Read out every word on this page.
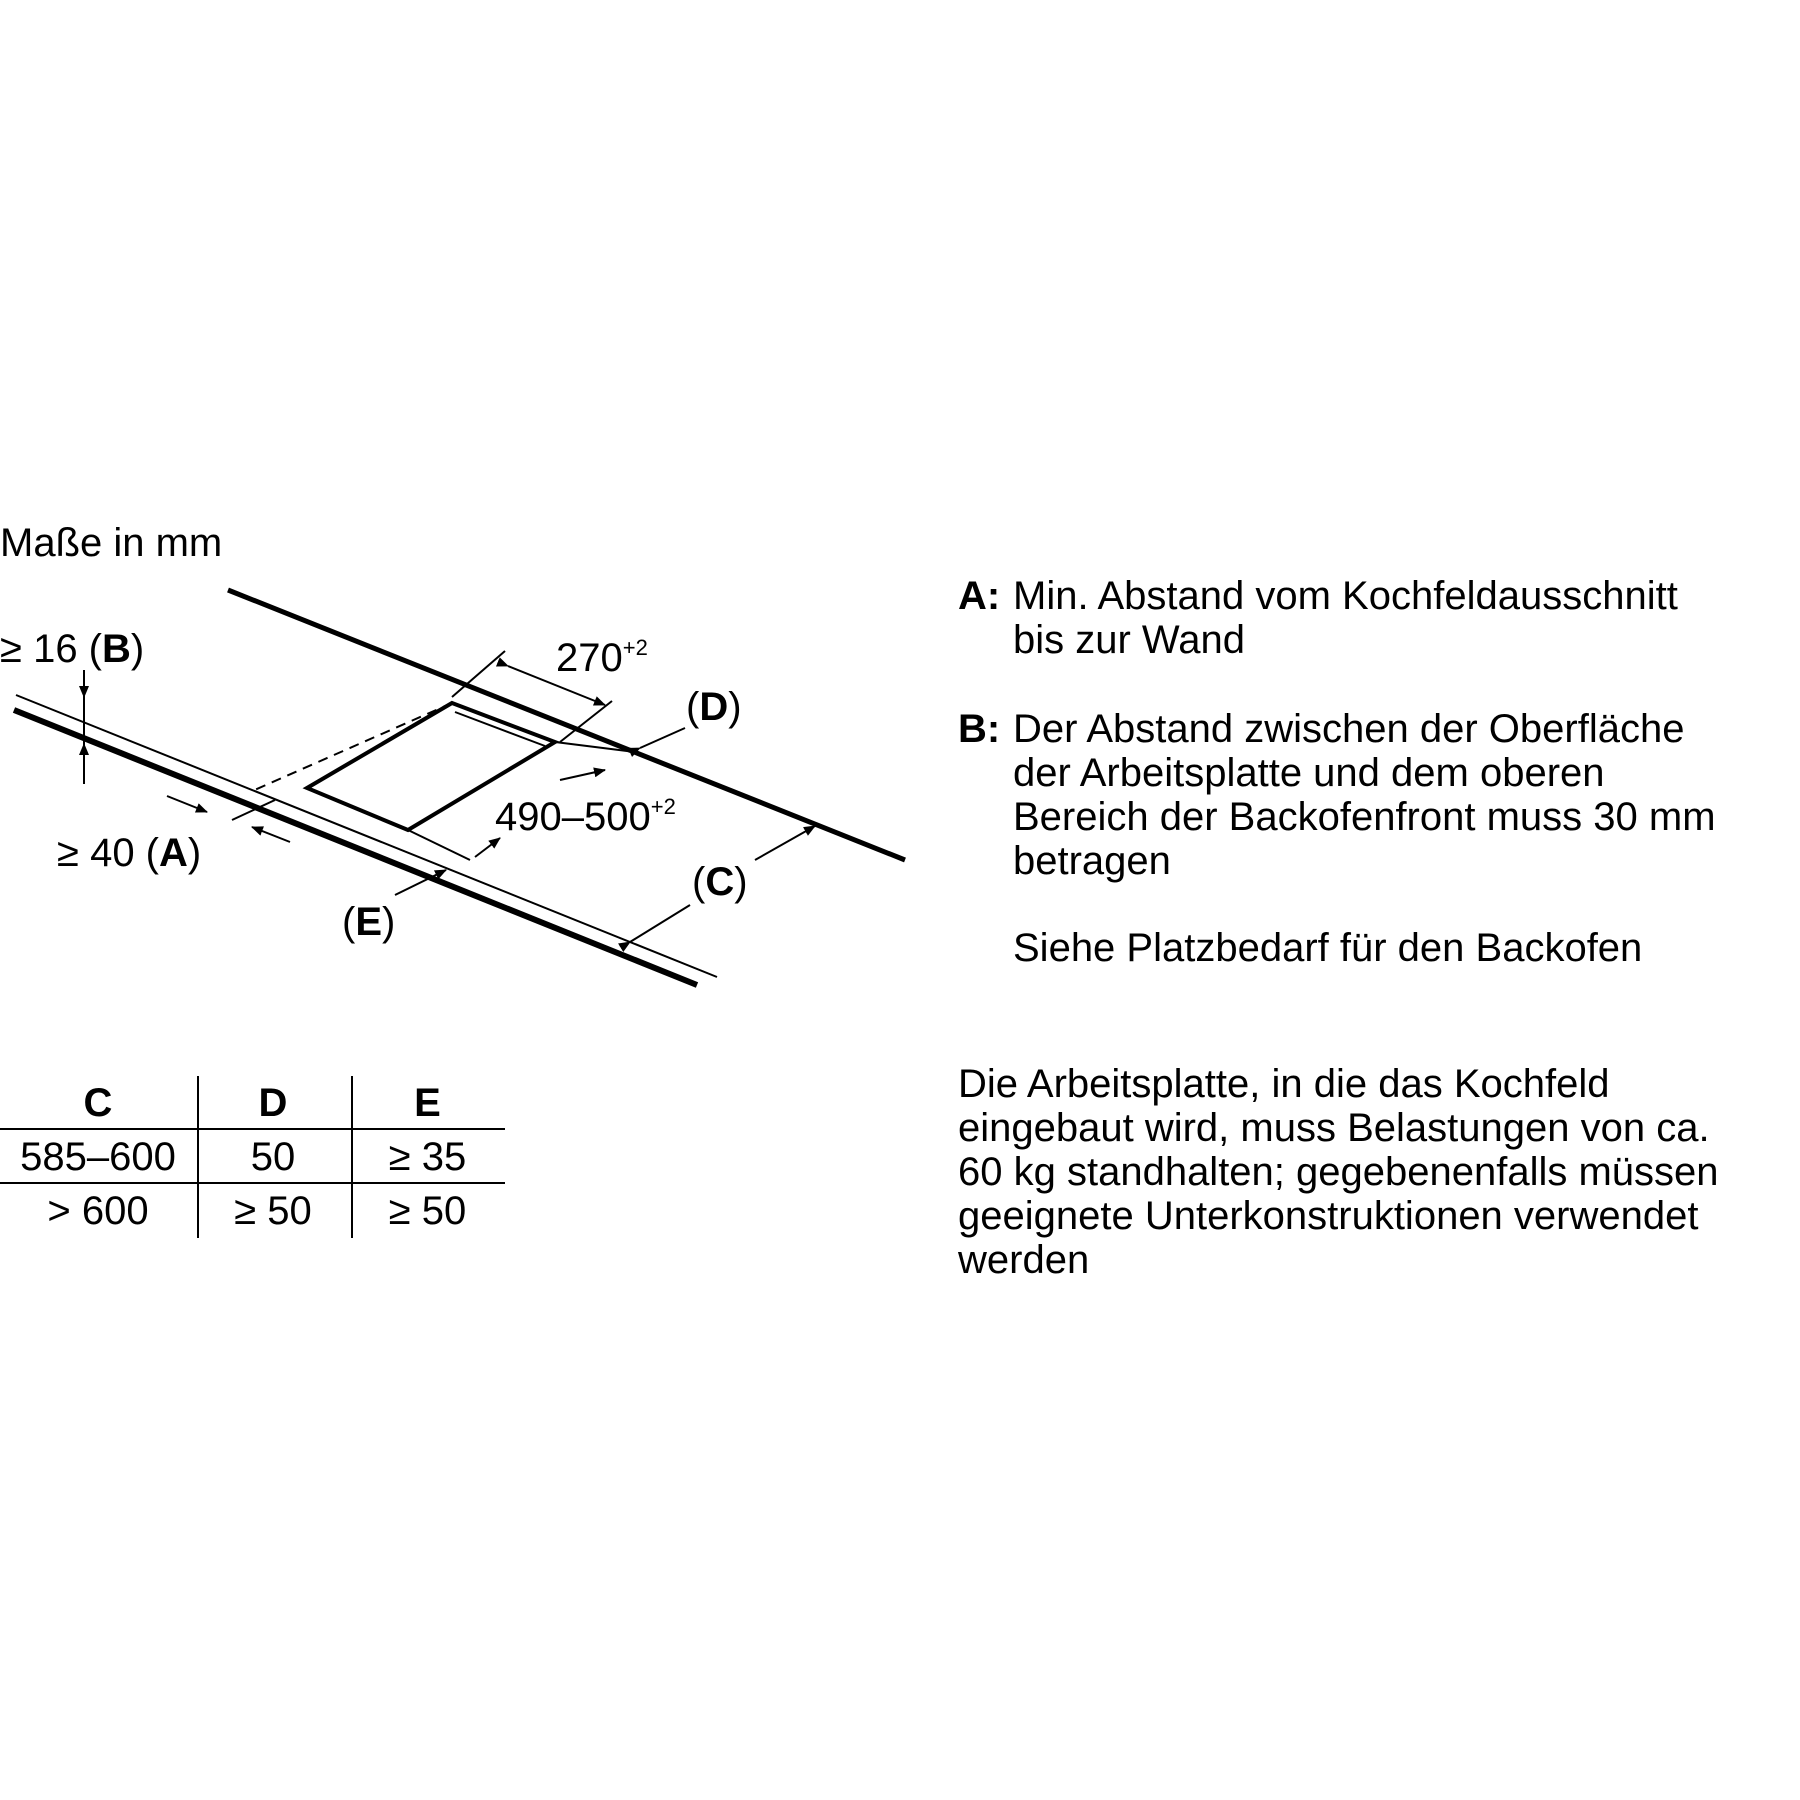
Maße in mm
≥ 16 (B)
≥ 40 (A)
$270^{+2}$
(D)
$490-500^{+2}$
(C)
(E)
A: Min. Abstand vom Kochfeldausschnitt
bis zur Wand
B: Der Abstand zwischen der Oberfläche
der Arbeitsplatte und dem oberen
Bereich der Backofenfront muss 30 mm
betragen
Siehe Platzbedarf für den Backofen
Die Arbeitsplatte, in die das Kochfeld
eingebaut wird, muss Belastungen von ca.
60 kg standhalten; gegebenenfalls müssen
geeignete Unterkonstruktionen verwendet
werden
C	D	E
585–600	50	≥ 35
> 600	≥ 50	≥ 50
